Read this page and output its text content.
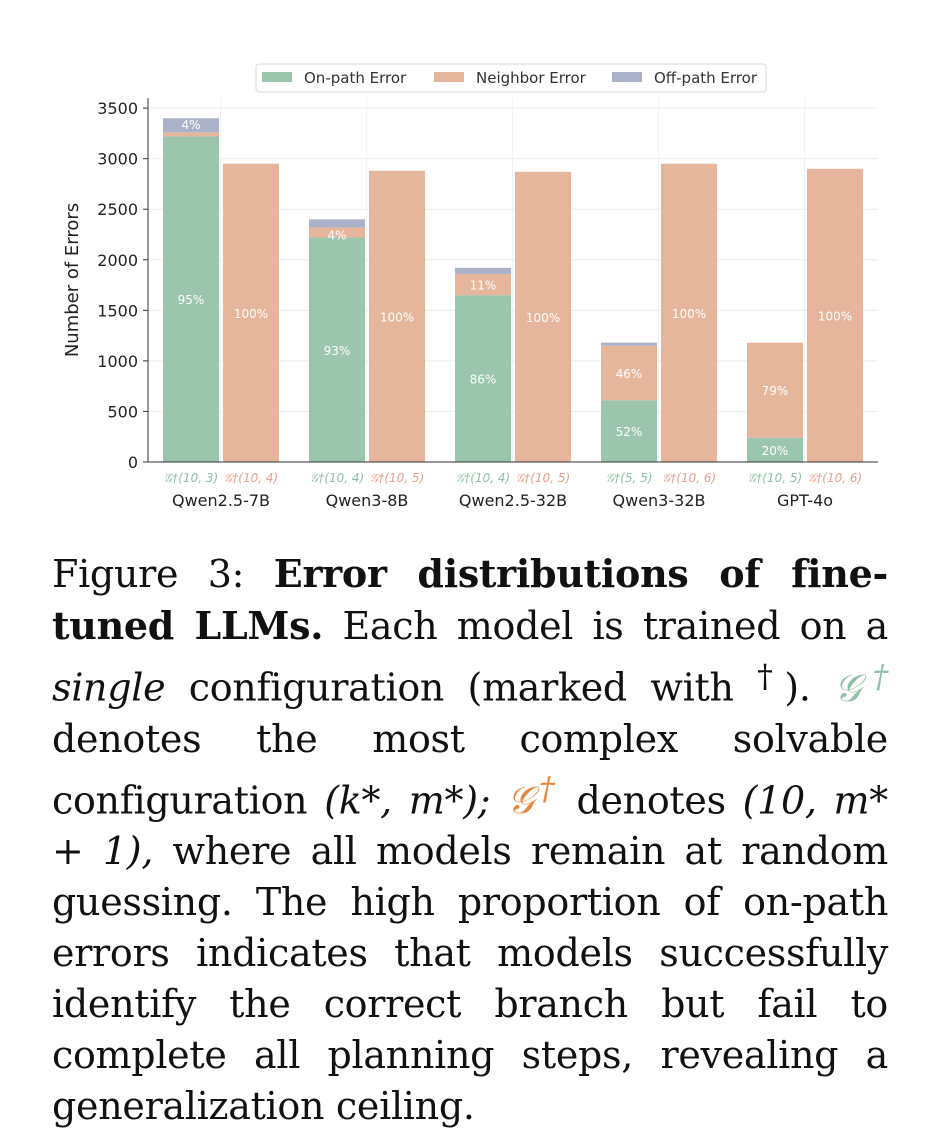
95%
4%
100%
93%
4%
100%
86%
11%
100%
52%
46%
100%
20%
79%
100%
0
500
1000
1500
2000
2500
3000
3500
𝒢†(10, 3) 𝒢†(10, 4)
Qwen2.5-7B
𝒢†(10, 4) 𝒢†(10, 5)
Qwen3-8B
𝒢†(10, 4) 𝒢†(10, 5)
Qwen2.5-32B
𝒢†(5, 5) 𝒢†(10, 6)
Qwen3-32B
𝒢†(10, 5) 𝒢†(10, 6)
GPT-4o
Number of Errors
On-path Error	Neighbor Error	Off-path Error
Figure 3: Error distributions of fine-tuned LLMs. Each model is trained on a single configuration (marked with †). 𝒢† denotes the most complex solvable configuration (k*, m*); 𝒢† denotes (10, m* + 1), where all models remain at random guessing. The high proportion of on-path errors indicates that models successfully identify the correct branch but fail to complete all planning steps, revealing a generalization ceiling.
